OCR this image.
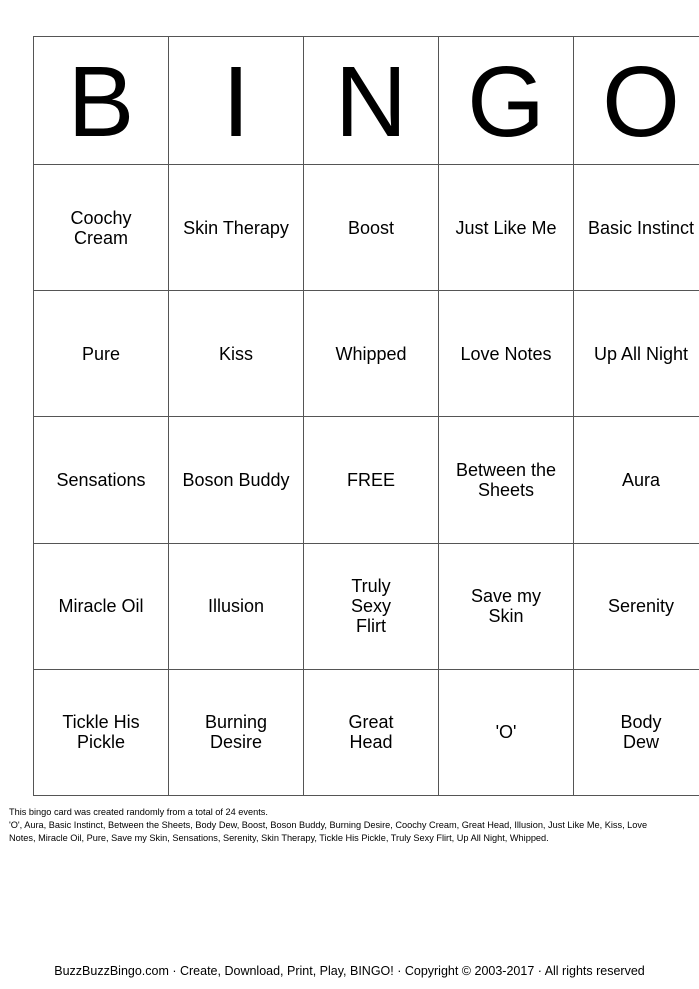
B	I	N	G	O
Coochy Cream	Skin Therapy	Boost	Just Like Me	Basic Instinct
Pure	Kiss	Whipped	Love Notes	Up All Night
Sensations	Boson Buddy	FREE	Between the Sheets	Aura
Miracle Oil	Illusion	Truly Sexy Flirt	Save my Skin	Serenity
Tickle His Pickle	Burning Desire	Great Head	'O'	Body Dew

This bingo card was created randomly from a total of 24 events.

'O', Aura, Basic Instinct, Between the Sheets, Body Dew, Boost, Boson Buddy, Burning Desire, Coochy Cream, Great Head, Illusion, Just Like Me, Kiss, Love Notes, Miracle Oil, Pure, Save my Skin, Sensations, Serenity, Skin Therapy, Tickle His Pickle, Truly Sexy Flirt, Up All Night, Whipped.

BuzzBuzzBingo.com · Create, Download, Print, Play, BINGO! · Copyright © 2003-2017 · All rights reserved
